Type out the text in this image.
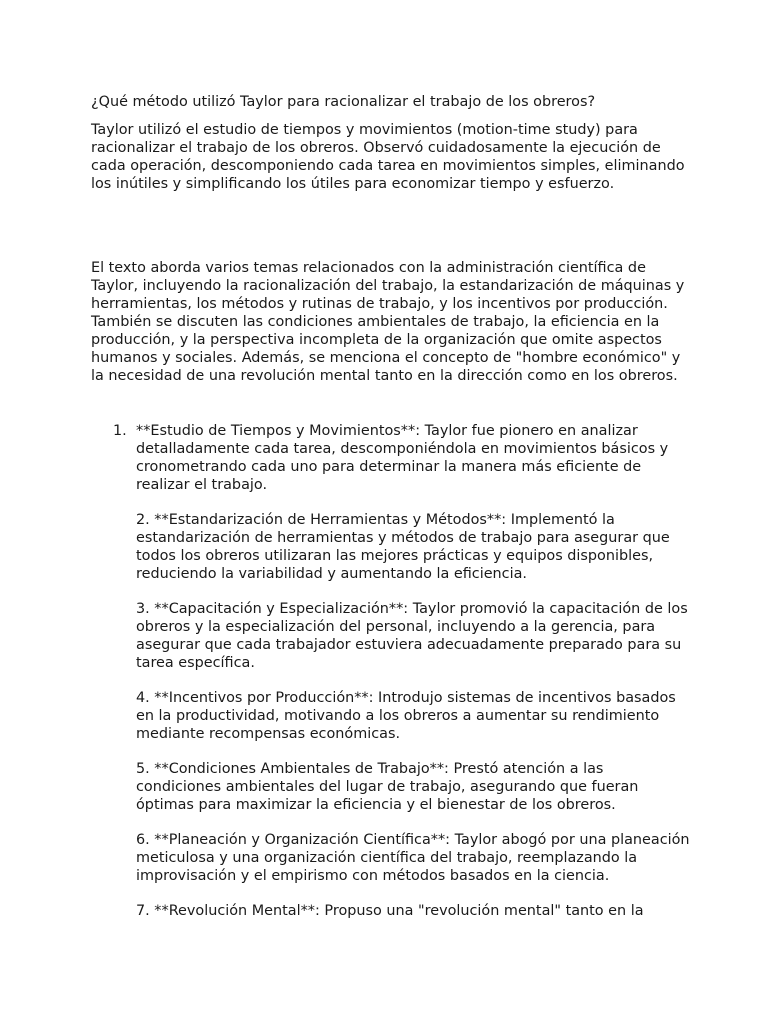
¿Qué método utilizó Taylor para racionalizar el trabajo de los obreros?

Taylor utilizó el estudio de tiempos y movimientos (motion-time study) para racionalizar el trabajo de los obreros. Observó cuidadosamente la ejecución de cada operación, descomponiendo cada tarea en movimientos simples, eliminando los inútiles y simplificando los útiles para economizar tiempo y esfuerzo.

El texto aborda varios temas relacionados con la administración científica de Taylor, incluyendo la racionalización del trabajo, la estandarización de máquinas y herramientas, los métodos y rutinas de trabajo, y los incentivos por producción. También se discuten las condiciones ambientales de trabajo, la eficiencia en la producción, y la perspectiva incompleta de la organización que omite aspectos humanos y sociales. Además, se menciona el concepto de "hombre económico" y la necesidad de una revolución mental tanto en la dirección como en los obreros.

1. **Estudio de Tiempos y Movimientos**: Taylor fue pionero en analizar detalladamente cada tarea, descomponiéndola en movimientos básicos y cronometrando cada uno para determinar la manera más eficiente de realizar el trabajo.

2. **Estandarización de Herramientas y Métodos**: Implementó la estandarización de herramientas y métodos de trabajo para asegurar que todos los obreros utilizaran las mejores prácticas y equipos disponibles, reduciendo la variabilidad y aumentando la eficiencia.

3. **Capacitación y Especialización**: Taylor promovió la capacitación de los obreros y la especialización del personal, incluyendo a la gerencia, para asegurar que cada trabajador estuviera adecuadamente preparado para su tarea específica.

4. **Incentivos por Producción**: Introdujo sistemas de incentivos basados en la productividad, motivando a los obreros a aumentar su rendimiento mediante recompensas económicas.

5. **Condiciones Ambientales de Trabajo**: Prestó atención a las condiciones ambientales del lugar de trabajo, asegurando que fueran óptimas para maximizar la eficiencia y el bienestar de los obreros.

6. **Planeación y Organización Científica**: Taylor abogó por una planeación meticulosa y una organización científica del trabajo, reemplazando la improvisación y el empirismo con métodos basados en la ciencia.

7. **Revolución Mental**: Propuso una "revolución mental" tanto en la
